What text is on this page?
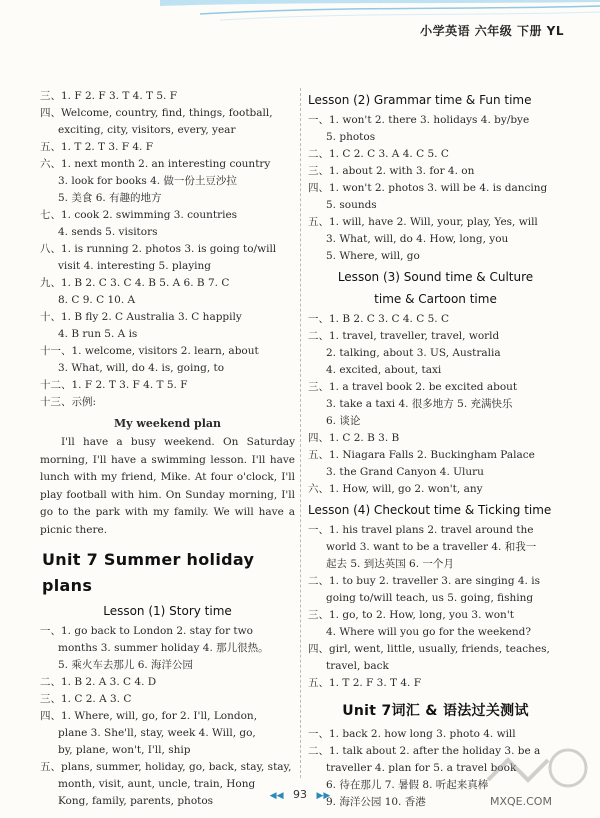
小学英语 六年级 下册 YL
三、1. F 2. F 3. T 4. T 5. F
四、Welcome, country, find, things, football,
exciting, city, visitors, every, year
五、1. T 2. T 3. F 4. F
六、1. next month 2. an interesting country
3. look for books 4. 做一份土豆沙拉
5. 美食 6. 有趣的地方
七、1. cook 2. swimming 3. countries
4. sends 5. visitors
八、1. is running 2. photos 3. is going to/will
visit 4. interesting 5. playing
九、1. B 2. C 3. C 4. B 5. A 6. B 7. C
8. C 9. C 10. A
十、1. B fly 2. C Australia 3. C happily
4. B run 5. A is
十一、1. welcome, visitors 2. learn, about
3. What, will, do 4. is, going, to
十二、1. F 2. T 3. F 4. T 5. F
十三、示例:
My weekend plan
I'll have a busy weekend. On Saturday morning, I'll have a swimming lesson. I'll have lunch with my friend, Mike. At four o'clock, I'll play football with him. On Sunday morning, I'll go to the park with my family. We will have a picnic there.
Unit 7 Summer holiday plans
Lesson (1) Story time
一、1. go back to London 2. stay for two
months 3. summer holiday 4. 那儿很热。
5. 乘火车去那儿 6. 海洋公园
二、1. B 2. A 3. C 4. D
三、1. C 2. A 3. C
四、1. Where, will, go, for 2. I'll, London,
plane 3. She'll, stay, week 4. Will, go,
by, plane, won't, I'll, ship
五、plans, summer, holiday, go, back, stay, stay,
month, visit, aunt, uncle, train, Hong
Kong, family, parents, photos
Lesson (2) Grammar time & Fun time
一、1. won't 2. there 3. holidays 4. by/bye
5. photos
二、1. C 2. C 3. A 4. C 5. C
三、1. about 2. with 3. for 4. on
四、1. won't 2. photos 3. will be 4. is dancing
5. sounds
五、1. will, have 2. Will, your, play, Yes, will
3. What, will, do 4. How, long, you
5. Where, will, go
Lesson (3) Sound time & Culture
time & Cartoon time
一、1. B 2. C 3. C 4. C 5. C
二、1. travel, traveller, travel, world
2. talking, about 3. US, Australia
4. excited, about, taxi
三、1. a travel book 2. be excited about
3. take a taxi 4. 很多地方 5. 充满快乐
6. 谈论
四、1. C 2. B 3. B
五、1. Niagara Falls 2. Buckingham Palace
3. the Grand Canyon 4. Uluru
六、1. How, will, go 2. won't, any
Lesson (4) Checkout time & Ticking time
一、1. his travel plans 2. travel around the
world 3. want to be a traveller 4. 和我一
起去 5. 到达英国 6. 一个月
二、1. to buy 2. traveller 3. are singing 4. is
going to/will teach, us 5. going, fishing
三、1. go, to 2. How, long, you 3. won't
4. Where will you go for the weekend?
四、girl, went, little, usually, friends, teaches,
travel, back
五、1. T 2. F 3. T 4. F
Unit 7词汇 & 语法过关测试
一、1. back 2. how long 3. photo 4. will
二、1. talk about 2. after the holiday 3. be a
traveller 4. plan for 5. a travel book
6. 待在那儿 7. 暑假 8. 听起来真棒
9. 海洋公园 10. 香港
◀◀ 93 ▶▶	MXQE.COM
